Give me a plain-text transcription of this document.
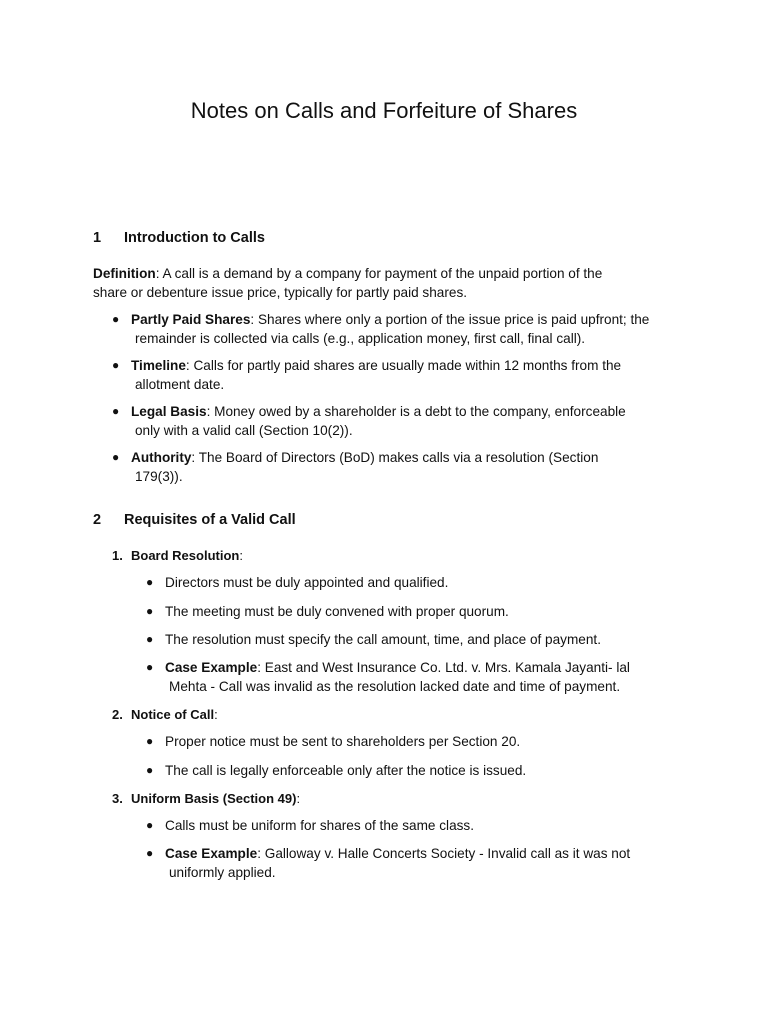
Notes on Calls and Forfeiture of Shares
1 Introduction to Calls
Definition: A call is a demand by a company for payment of the unpaid portion of the
share or debenture issue price, typically for partly paid shares.
● Partly Paid Shares: Shares where only a portion of the issue price is paid upfront; the
remainder is collected via calls (e.g., application money, first call, final call).
● Timeline: Calls for partly paid shares are usually made within 12 months from the
allotment date.
● Legal Basis: Money owed by a shareholder is a debt to the company, enforceable
only with a valid call (Section 10(2)).
● Authority: The Board of Directors (BoD) makes calls via a resolution (Section
179(3)).
2 Requisites of a Valid Call
1. Board Resolution:
● Directors must be duly appointed and qualified.
● The meeting must be duly convened with proper quorum.
● The resolution must specify the call amount, time, and place of payment.
● Case Example: East and West Insurance Co. Ltd. v. Mrs. Kamala Jayanti- lal
Mehta - Call was invalid as the resolution lacked date and time of payment.
2. Notice of Call:
● Proper notice must be sent to shareholders per Section 20.
● The call is legally enforceable only after the notice is issued.
3. Uniform Basis (Section 49):
● Calls must be uniform for shares of the same class.
● Case Example: Galloway v. Halle Concerts Society - Invalid call as it was not
uniformly applied.
